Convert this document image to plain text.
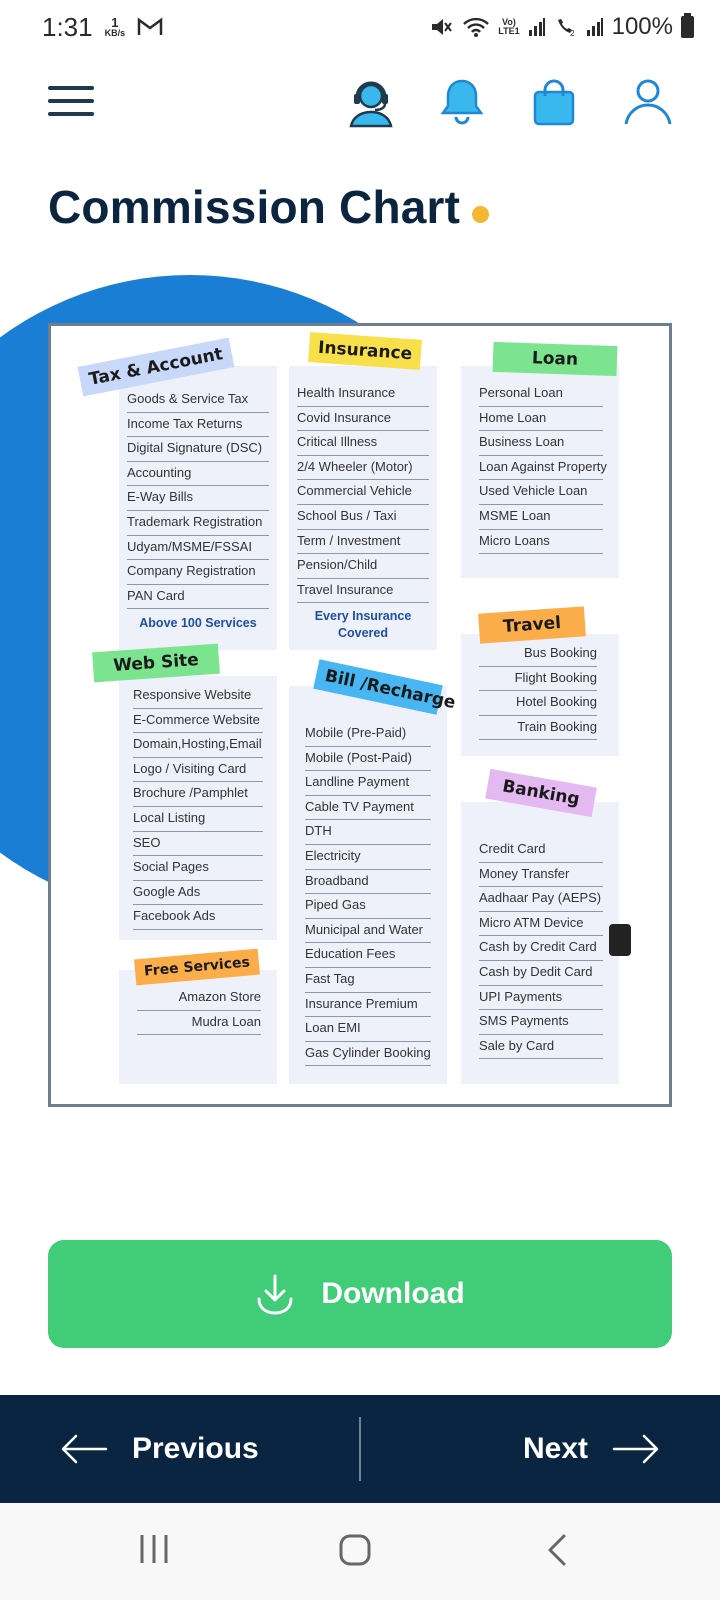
1:31 1
KB/s
Vo)
LTE1	2 100%
Commission Chart
Tax & Account	Insurance	Loan
Travel
Web Site
Bill /Recharge
Banking
Free Services
Goods & Service Tax
Income Tax Returns
Digital Signature (DSC)
Accounting
E-Way Bills
Trademark Registration
Udyam/MSME/FSSAI
Company Registration
PAN Card
Above 100 Services
Health Insurance
Covid Insurance
Critical Illness
2/4 Wheeler (Motor)
Commercial Vehicle
School Bus / Taxi
Term / Investment
Pension/Child
Travel Insurance
Every Insurance
Covered
Personal Loan
Home Loan
Business Loan
Loan Against Property
Used Vehicle Loan
MSME Loan
Micro Loans
Bus Booking
Flight Booking
Hotel Booking
Train Booking
Responsive Website
E-Commerce Website
Domain,Hosting,Email
Logo / Visiting Card
Brochure /Pamphlet
Local Listing
SEO
Social Pages
Google Ads
Facebook Ads
Mobile (Pre-Paid)
Mobile (Post-Paid)
Landline Payment
Cable TV Payment
DTH
Electricity
Broadband
Piped Gas
Municipal and Water
Education Fees
Fast Tag
Insurance Premium
Loan EMI
Gas Cylinder Booking
Credit Card
Money Transfer
Aadhaar Pay (AEPS)
Micro ATM Device
Cash by Credit Card
Cash by Dedit Card
UPI Payments
SMS Payments
Sale by Card
Amazon Store
Mudra Loan
Download
Previous	Next
